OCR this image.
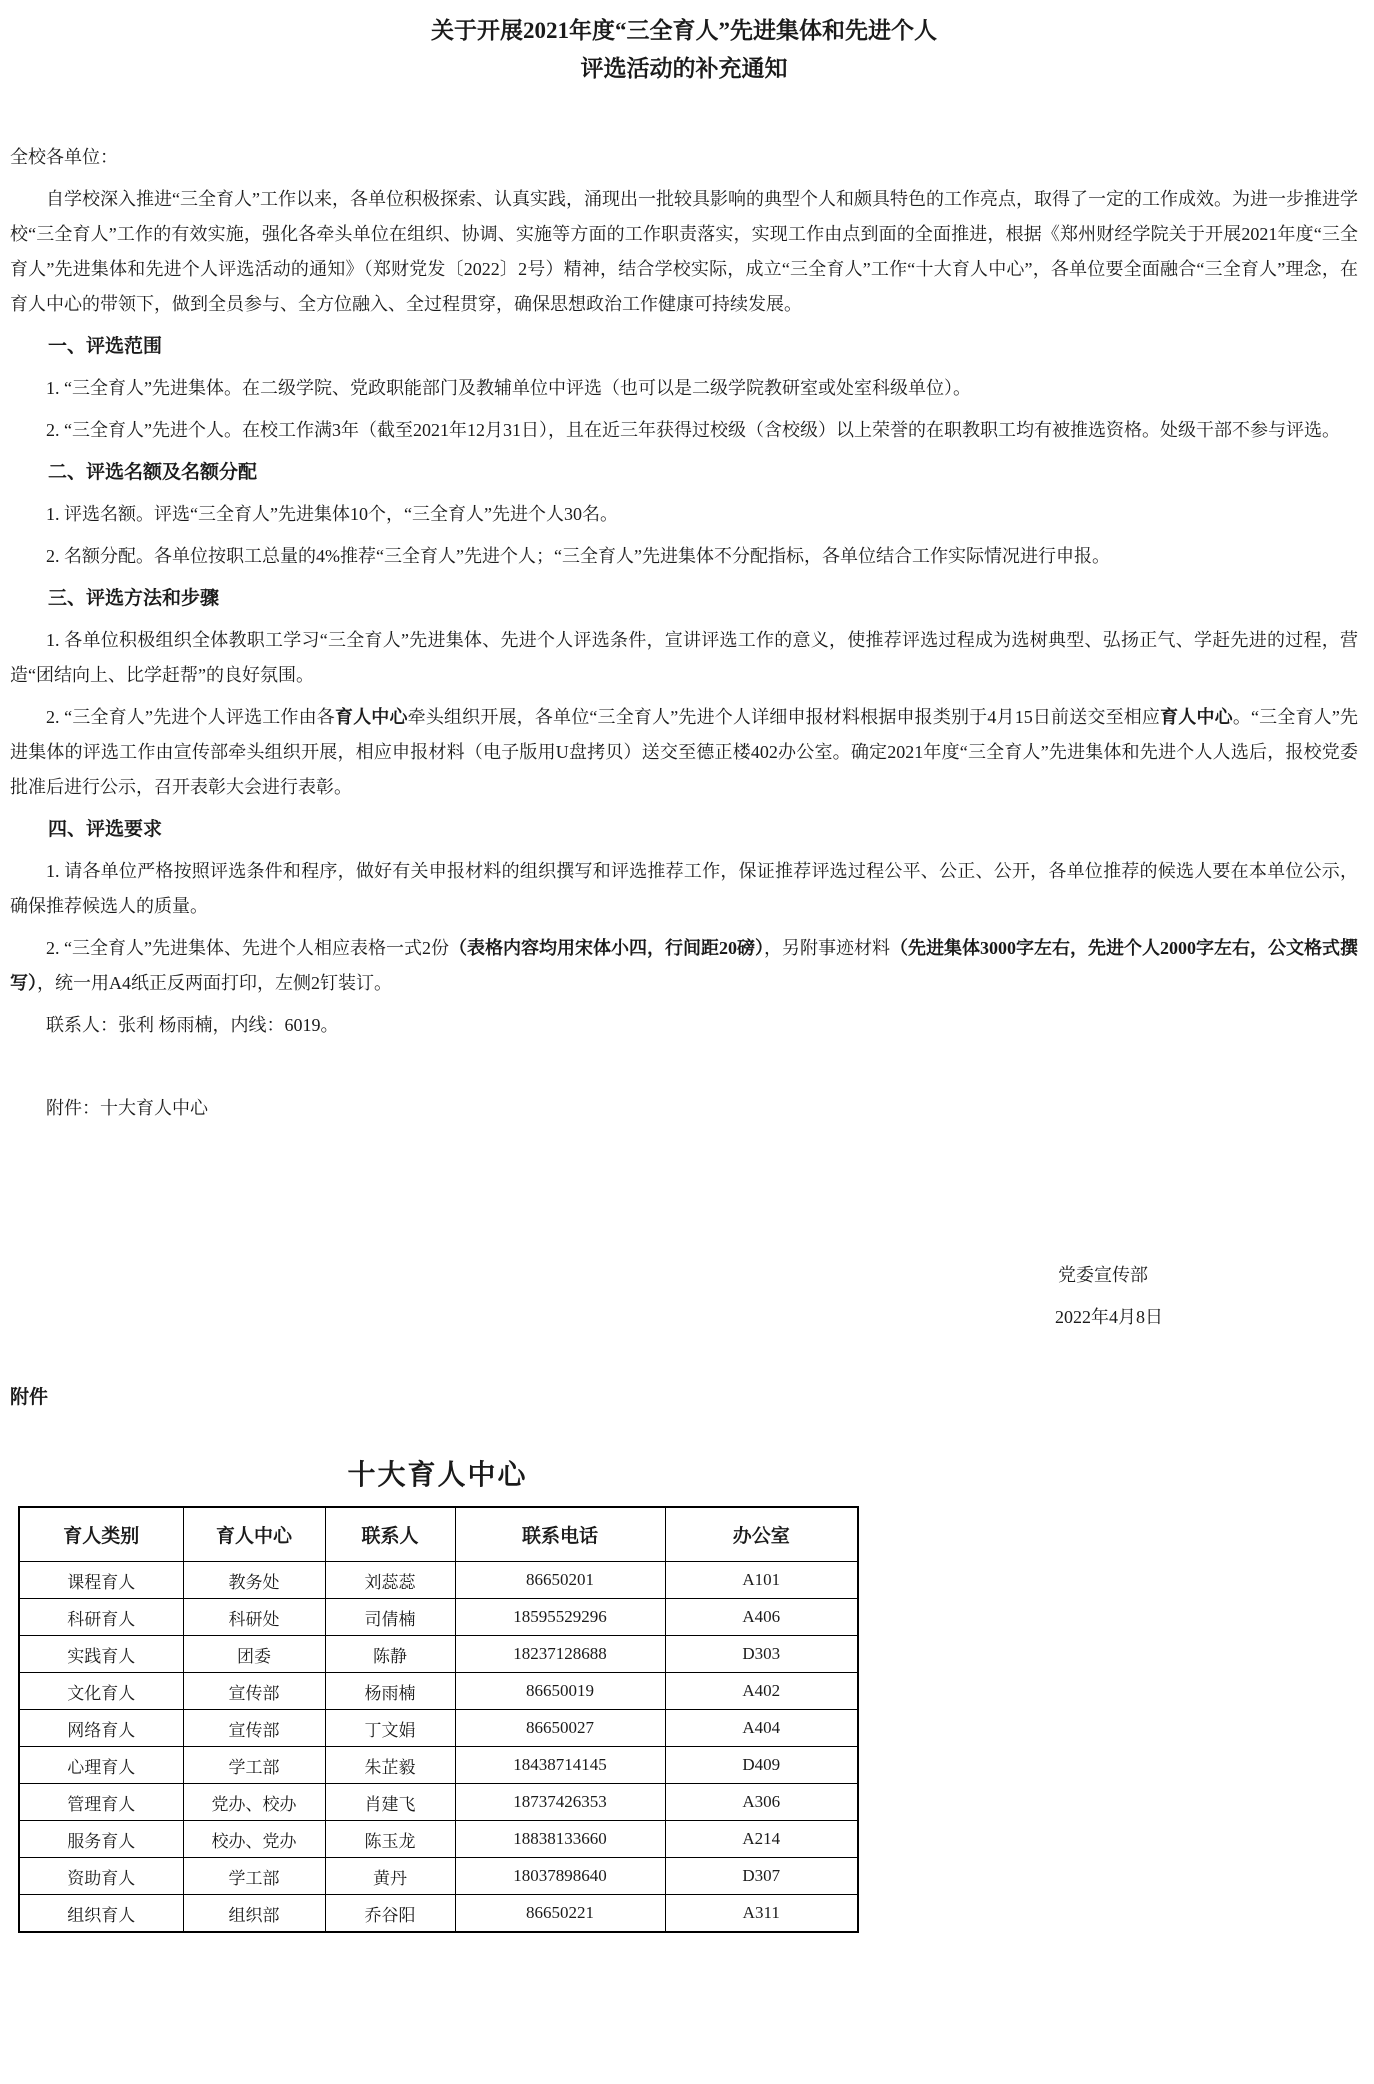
关于开展2021年度“三全育人”先进集体和先进个人
评选活动的补充通知
全校各单位：
自学校深入推进“三全育人”工作以来，各单位积极探索、认真实践，涌现出一批较具影响的典型个人和颇具特色的工作亮点，取得了一定的工作成效。为进一步推进学校“三全育人”工作的有效实施，强化各牵头单位在组织、协调、实施等方面的工作职责落实，实现工作由点到面的全面推进，根据《郑州财经学院关于开展2021年度“三全育人”先进集体和先进个人评选活动的通知》（郑财党发〔2022〕2号）精神，结合学校实际，成立“三全育人”工作“十大育人中心”，各单位要全面融合“三全育人”理念，在育人中心的带领下，做到全员参与、全方位融入、全过程贯穿，确保思想政治工作健康可持续发展。
一、评选范围
1. “三全育人”先进集体。在二级学院、党政职能部门及教辅单位中评选（也可以是二级学院教研室或处室科级单位）。
2. “三全育人”先进个人。在校工作满3年（截至2021年12月31日），且在近三年获得过校级（含校级）以上荣誉的在职教职工均有被推选资格。处级干部不参与评选。
二、评选名额及名额分配
1. 评选名额。评选“三全育人”先进集体10个，“三全育人”先进个人30名。
2. 名额分配。各单位按职工总量的4%推荐“三全育人”先进个人；“三全育人”先进集体不分配指标，各单位结合工作实际情况进行申报。
三、评选方法和步骤
1. 各单位积极组织全体教职工学习“三全育人”先进集体、先进个人评选条件，宣讲评选工作的意义，使推荐评选过程成为选树典型、弘扬正气、学赶先进的过程，营造“团结向上、比学赶帮”的良好氛围。
2. “三全育人”先进个人评选工作由各育人中心牵头组织开展，各单位“三全育人”先进个人详细申报材料根据申报类别于4月15日前送交至相应育人中心。“三全育人”先进集体的评选工作由宣传部牵头组织开展，相应申报材料（电子版用U盘拷贝）送交至德正楼402办公室。确定2021年度“三全育人”先进集体和先进个人人选后，报校党委批准后进行公示，召开表彰大会进行表彰。
四、评选要求
1. 请各单位严格按照评选条件和程序，做好有关申报材料的组织撰写和评选推荐工作，保证推荐评选过程公平、公正、公开，各单位推荐的候选人要在本单位公示，确保推荐候选人的质量。
2. “三全育人”先进集体、先进个人相应表格一式2份（表格内容均用宋体小四，行间距20磅），另附事迹材料（先进集体3000字左右，先进个人2000字左右，公文格式撰写），统一用A4纸正反两面打印，左侧2钉装订。
联系人：张利 杨雨楠，内线：6019。
附件：十大育人中心
党委宣传部
2022年4月8日
附件
十大育人中心
育人类别	育人中心	联系人	联系电话	办公室
课程育人	教务处	刘蕊蕊	86650201	A101
科研育人	科研处	司倩楠	18595529296	A406
实践育人	团委	陈静	18237128688	D303
文化育人	宣传部	杨雨楠	86650019	A402
网络育人	宣传部	丁文娟	86650027	A404
心理育人	学工部	朱芷毅	18438714145	D409
管理育人	党办、校办	肖建飞	18737426353	A306
服务育人	校办、党办	陈玉龙	18838133660	A214
资助育人	学工部	黄丹	18037898640	D307
组织育人	组织部	乔谷阳	86650221	A311
